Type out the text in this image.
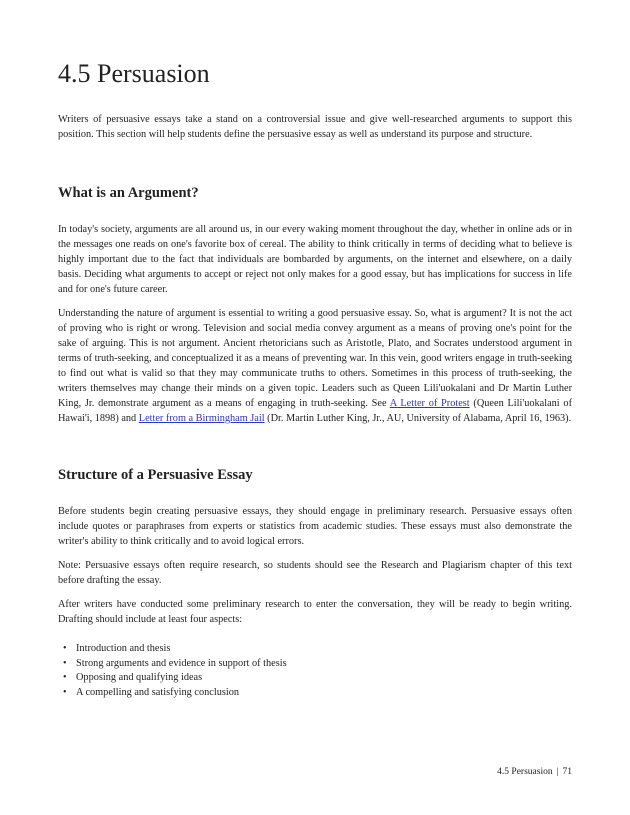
4.5 Persuasion

Writers of persuasive essays take a stand on a controversial issue and give well-researched arguments to support this position. This section will help students define the persuasive essay as well as understand its purpose and structure.

What is an Argument?

In today's society, arguments are all around us, in our every waking moment throughout the day, whether in online ads or in the messages one reads on one's favorite box of cereal. The ability to think critically in terms of deciding what to believe is highly important due to the fact that individuals are bombarded by arguments, on the internet and elsewhere, on a daily basis. Deciding what arguments to accept or reject not only makes for a good essay, but has implications for success in life and for one's future career.

Understanding the nature of argument is essential to writing a good persuasive essay. So, what is argument? It is not the act of proving who is right or wrong. Television and social media convey argument as a means of proving one's point for the sake of arguing. This is not argument. Ancient rhetoricians such as Aristotle, Plato, and Socrates understood argument in terms of truth-seeking, and conceptualized it as a means of preventing war. In this vein, good writers engage in truth-seeking to find out what is valid so that they may communicate truths to others. Sometimes in this process of truth-seeking, the writers themselves may change their minds on a given topic. Leaders such as Queen Lili'uokalani and Dr Martin Luther King, Jr. demonstrate argument as a means of engaging in truth-seeking. See A Letter of Protest (Queen Lili'uokalani of Hawai'i, 1898) and Letter from a Birmingham Jail (Dr. Martin Luther King, Jr., AU, University of Alabama, April 16, 1963).

Structure of a Persuasive Essay

Before students begin creating persuasive essays, they should engage in preliminary research. Persuasive essays often include quotes or paraphrases from experts or statistics from academic studies. These essays must also demonstrate the writer's ability to think critically and to avoid logical errors.

Note: Persuasive essays often require research, so students should see the Research and Plagiarism chapter of this text before drafting the essay.

After writers have conducted some preliminary research to enter the conversation, they will be ready to begin writing. Drafting should include at least four aspects:

• Introduction and thesis
• Strong arguments and evidence in support of thesis
• Opposing and qualifying ideas
• A compelling and satisfying conclusion
4.5 Persuasion | 71
